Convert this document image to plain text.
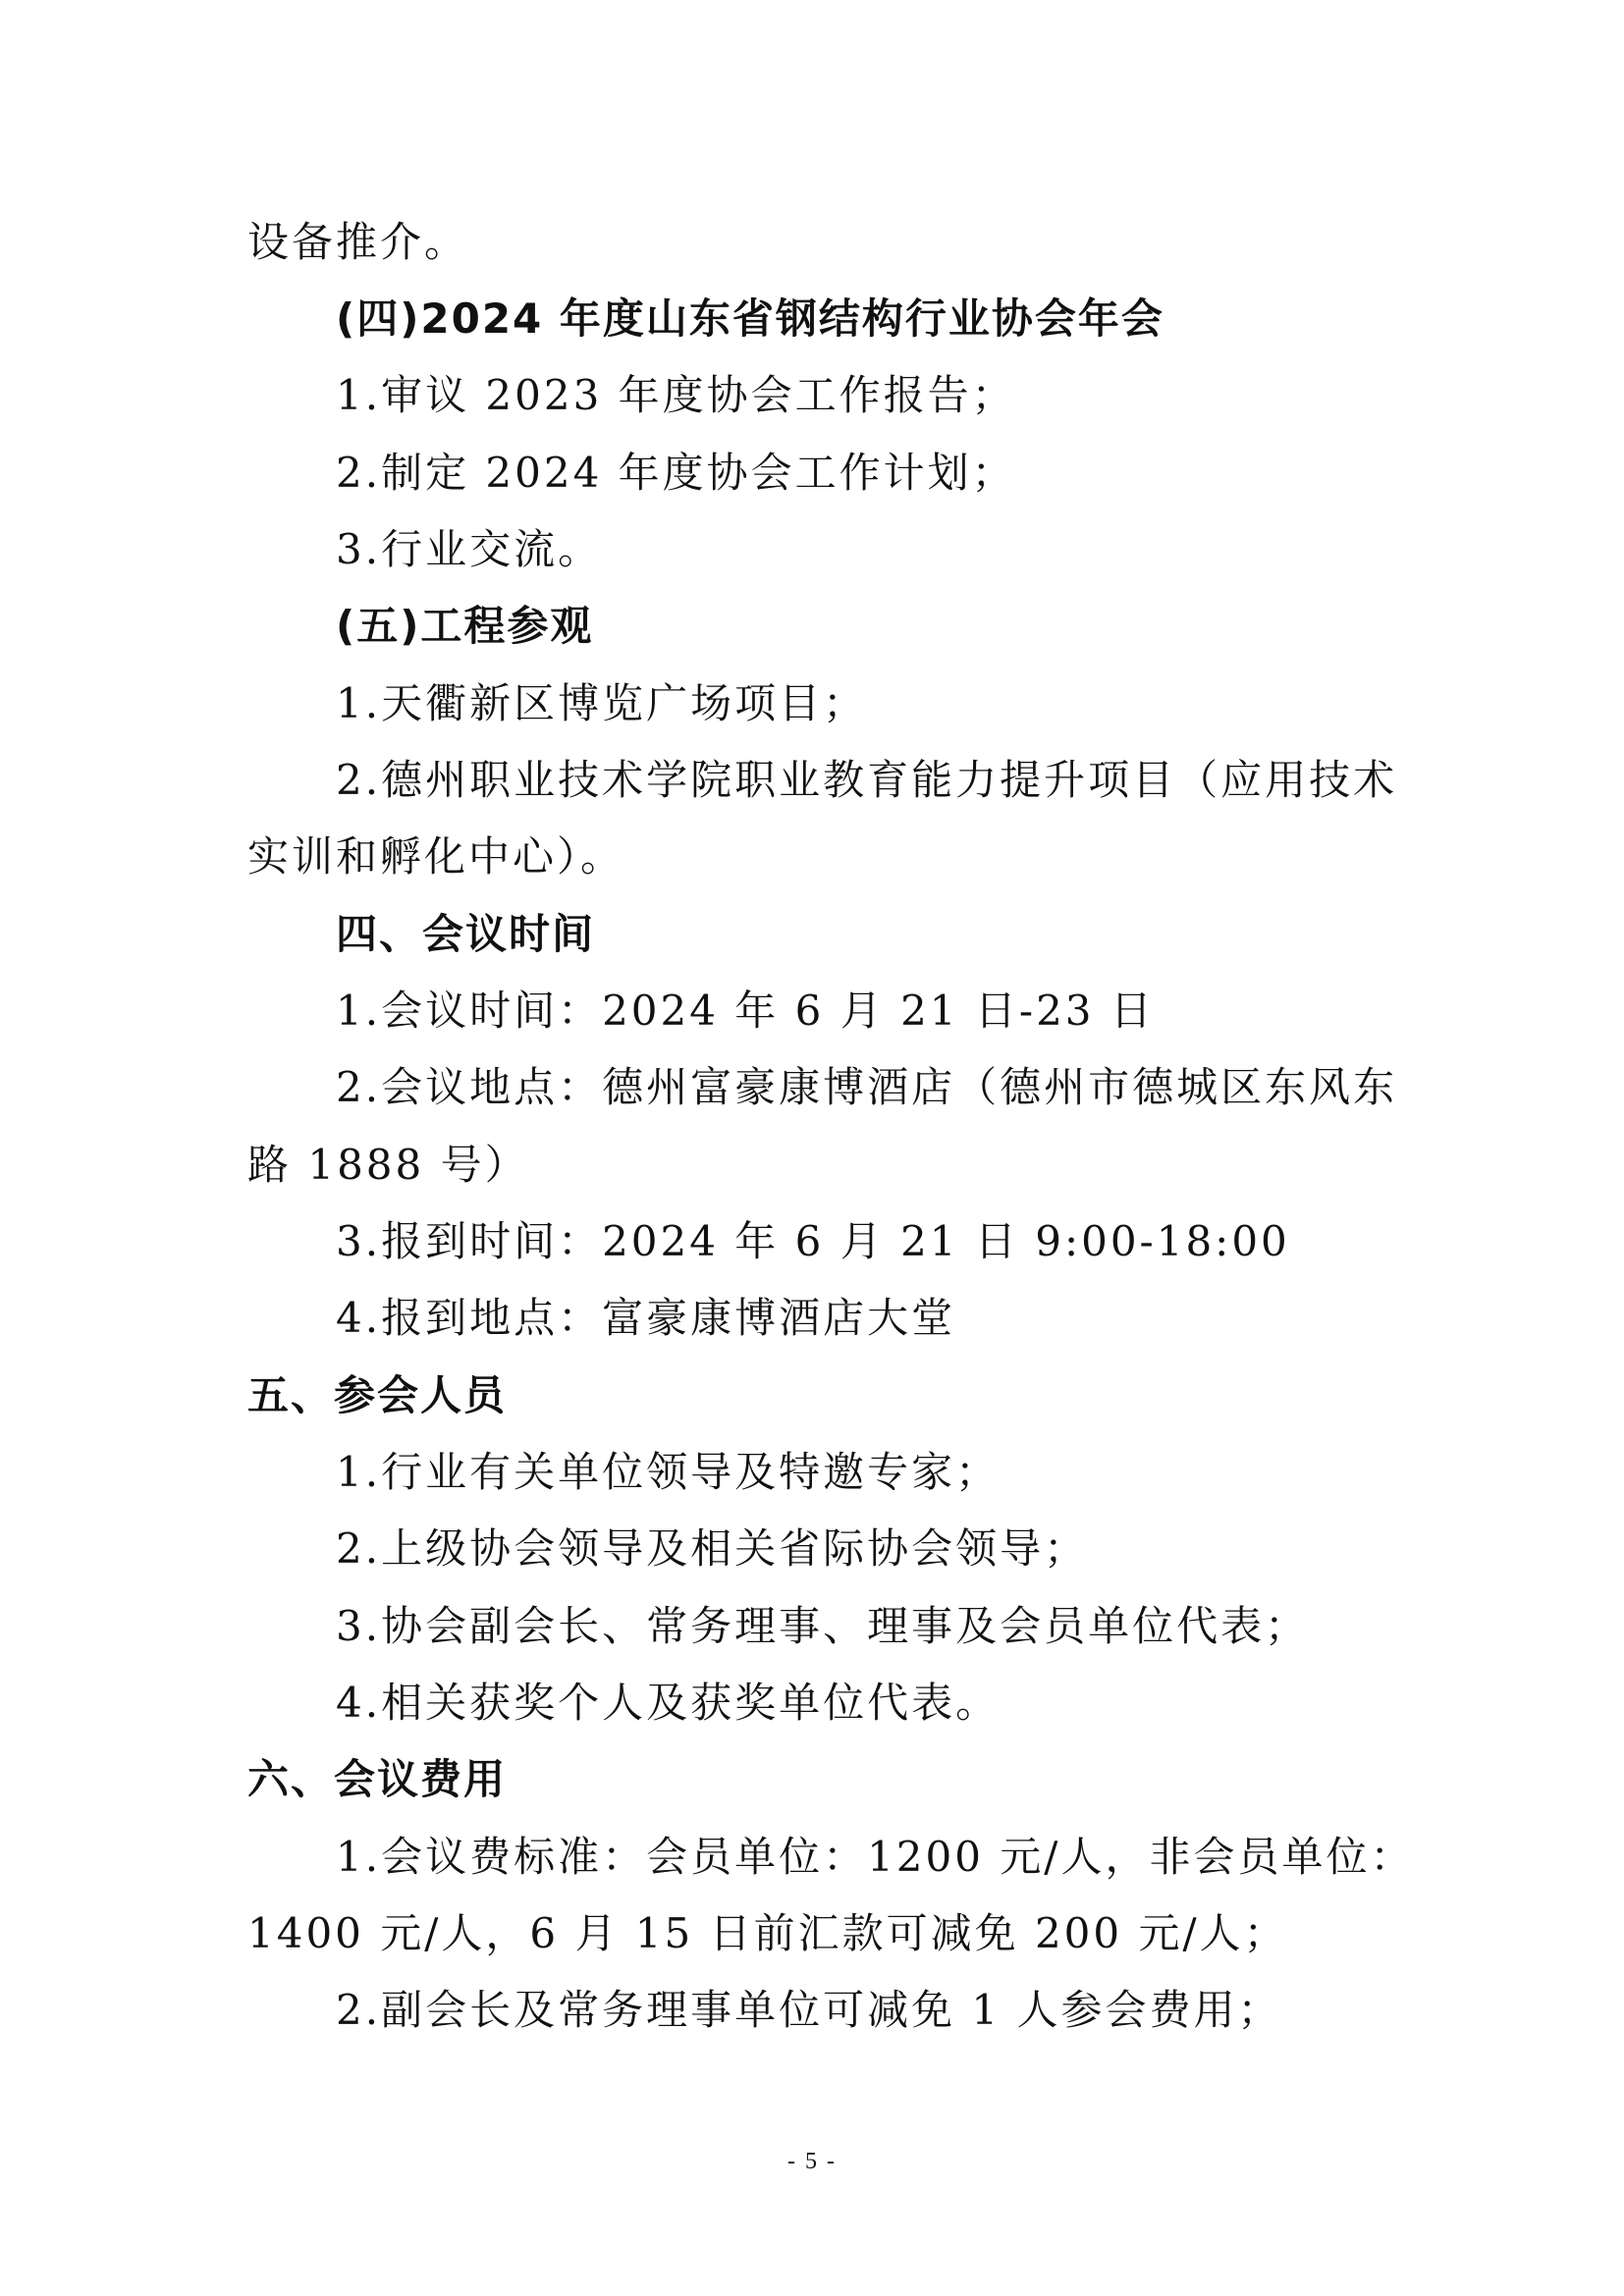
设备推介。
(四)2024 年度山东省钢结构行业协会年会
1.审议 2023 年度协会工作报告；
2.制定 2024 年度协会工作计划；
3.行业交流。
(五)工程参观
1.天衢新区博览广场项目；
2.德州职业技术学院职业教育能力提升项目（应用技术
实训和孵化中心）。
四、会议时间
1.会议时间：2024 年 6 月 21 日-23 日
2.会议地点：德州富豪康博酒店（德州市德城区东风东
路 1888 号）
3.报到时间：2024 年 6 月 21 日 9:00-18:00
4.报到地点：富豪康博酒店大堂
五、参会人员
1.行业有关单位领导及特邀专家；
2.上级协会领导及相关省际协会领导；
3.协会副会长、常务理事、理事及会员单位代表；
4.相关获奖个人及获奖单位代表。
六、会议费用
1.会议费标准：会员单位：1200 元/人，非会员单位：
1400 元/人，6 月 15 日前汇款可减免 200 元/人；
2.副会长及常务理事单位可减免 1 人参会费用；
- 5 -
